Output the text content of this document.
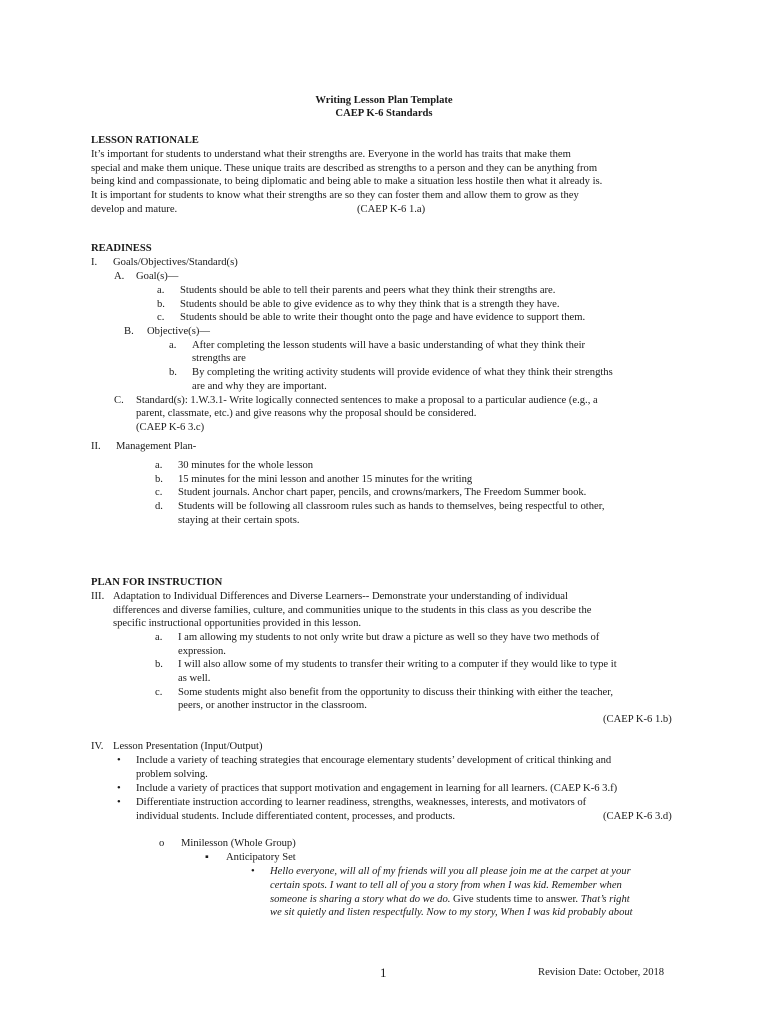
Writing Lesson Plan Template
CAEP K-6 Standards
LESSON RATIONALE
It’s important for students to understand what their strengths are. Everyone in the world has traits that make them
special and make them unique. These unique traits are described as strengths to a person and they can be anything from
being kind and compassionate, to being diplomatic and being able to make a situation less hostile then what it already is.
It is important for students to know what their strengths are so they can foster them and allow them to grow as they
develop and mature.	(CAEP K-6 1.a)
READINESS
I. Goals/Objectives/Standard(s)
A. Goal(s)—
a. Students should be able to tell their parents and peers what they think their strengths are.
b. Students should be able to give evidence as to why they think that is a strength they have.
c. Students should be able to write their thought onto the page and have evidence to support them.
B. Objective(s)—
a. After completing the lesson students will have a basic understanding of what they think their
strengths are
b. By completing the writing activity students will provide evidence of what they think their strengths
are and why they are important.
C. Standard(s): 1.W.3.1- Write logically connected sentences to make a proposal to a particular audience (e.g., a
parent, classmate, etc.) and give reasons why the proposal should be considered.
(CAEP K-6 3.c)
II. Management Plan-
a. 30 minutes for the whole lesson
b. 15 minutes for the mini lesson and another 15 minutes for the writing
c. Student journals. Anchor chart paper, pencils, and crowns/markers, The Freedom Summer book.
d. Students will be following all classroom rules such as hands to themselves, being respectful to other,
staying at their certain spots.
PLAN FOR INSTRUCTION
III. Adaptation to Individual Differences and Diverse Learners-- Demonstrate your understanding of individual
differences and diverse families, culture, and communities unique to the students in this class as you describe the
specific instructional opportunities provided in this lesson.
a. I am allowing my students to not only write but draw a picture as well so they have two methods of
expression.
b. I will also allow some of my students to transfer their writing to a computer if they would like to type it
as well.
c. Some students might also benefit from the opportunity to discuss their thinking with either the teacher,
peers, or another instructor in the classroom.
(CAEP K-6 1.b)
IV. Lesson Presentation (Input/Output)
• Include a variety of teaching strategies that encourage elementary students’ development of critical thinking and
problem solving.
• Include a variety of practices that support motivation and engagement in learning for all learners. (CAEP K-6 3.f)
• Differentiate instruction according to learner readiness, strengths, weaknesses, interests, and motivators of
individual students. Include differentiated content, processes, and products.	(CAEP K-6 3.d)
o Minilesson (Whole Group)
▪ Anticipatory Set
• Hello everyone, will all of my friends will you all please join me at the carpet at your
certain spots. I want to tell all of you a story from when I was kid. Remember when
someone is sharing a story what do we do. Give students time to answer. That’s right
we sit quietly and listen respectfully. Now to my story, When I was kid probably about
1	Revision Date: October, 2018
